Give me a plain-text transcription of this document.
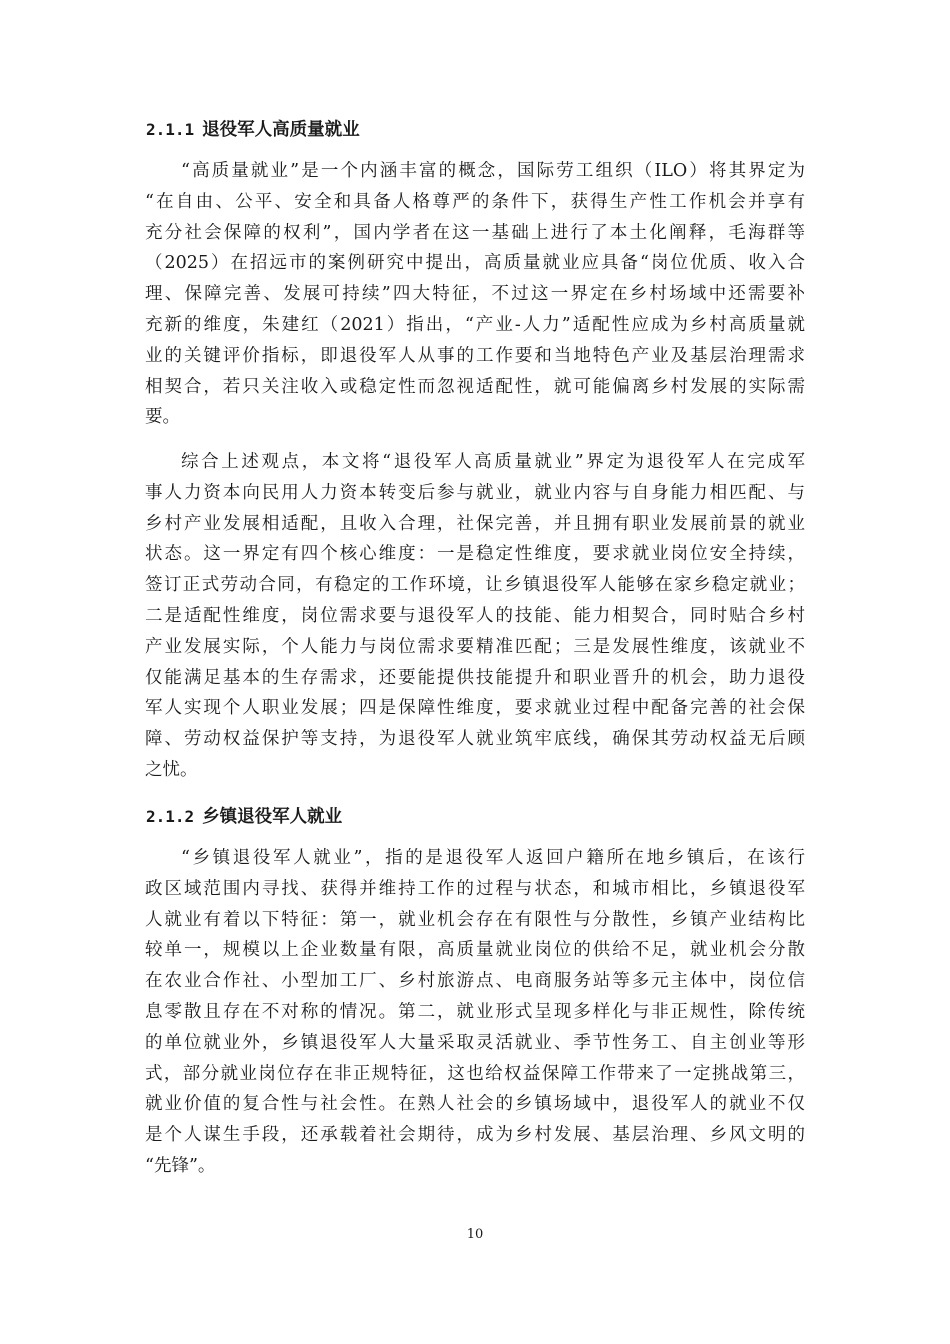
2.1.1 退役军人高质量就业

“高质量就业”是一个内涵丰富的概念，国际劳工组织（ILO）将其界定为
“在自由、公平、安全和具备人格尊严的条件下，获得生产性工作机会并享有
充分社会保障的权利”，国内学者在这一基础上进行了本土化阐释，毛海群等
（2025）在招远市的案例研究中提出，高质量就业应具备“岗位优质、收入合
理、保障完善、发展可持续”四大特征，不过这一界定在乡村场域中还需要补
充新的维度，朱建红（2021）指出，“产业-人力”适配性应成为乡村高质量就
业的关键评价指标，即退役军人从事的工作要和当地特色产业及基层治理需求
相契合，若只关注收入或稳定性而忽视适配性，就可能偏离乡村发展的实际需
要。

综合上述观点，本文将“退役军人高质量就业”界定为退役军人在完成军
事人力资本向民用人力资本转变后参与就业，就业内容与自身能力相匹配、与
乡村产业发展相适配，且收入合理，社保完善，并且拥有职业发展前景的就业
状态。这一界定有四个核心维度：一是稳定性维度，要求就业岗位安全持续，
签订正式劳动合同，有稳定的工作环境，让乡镇退役军人能够在家乡稳定就业；
二是适配性维度，岗位需求要与退役军人的技能、能力相契合，同时贴合乡村
产业发展实际，个人能力与岗位需求要精准匹配；三是发展性维度，该就业不
仅能满足基本的生存需求，还要能提供技能提升和职业晋升的机会，助力退役
军人实现个人职业发展；四是保障性维度，要求就业过程中配备完善的社会保
障、劳动权益保护等支持，为退役军人就业筑牢底线，确保其劳动权益无后顾
之忧。

2.1.2 乡镇退役军人就业

“乡镇退役军人就业”，指的是退役军人返回户籍所在地乡镇后，在该行
政区域范围内寻找、获得并维持工作的过程与状态，和城市相比，乡镇退役军
人就业有着以下特征：第一，就业机会存在有限性与分散性，乡镇产业结构比
较单一，规模以上企业数量有限，高质量就业岗位的供给不足，就业机会分散
在农业合作社、小型加工厂、乡村旅游点、电商服务站等多元主体中，岗位信
息零散且存在不对称的情况。第二，就业形式呈现多样化与非正规性，除传统
的单位就业外，乡镇退役军人大量采取灵活就业、季节性务工、自主创业等形
式，部分就业岗位存在非正规特征，这也给权益保障工作带来了一定挑战第三，
就业价值的复合性与社会性。在熟人社会的乡镇场域中，退役军人的就业不仅
是个人谋生手段，还承载着社会期待，成为乡村发展、基层治理、乡风文明的
“先锋”。

10
